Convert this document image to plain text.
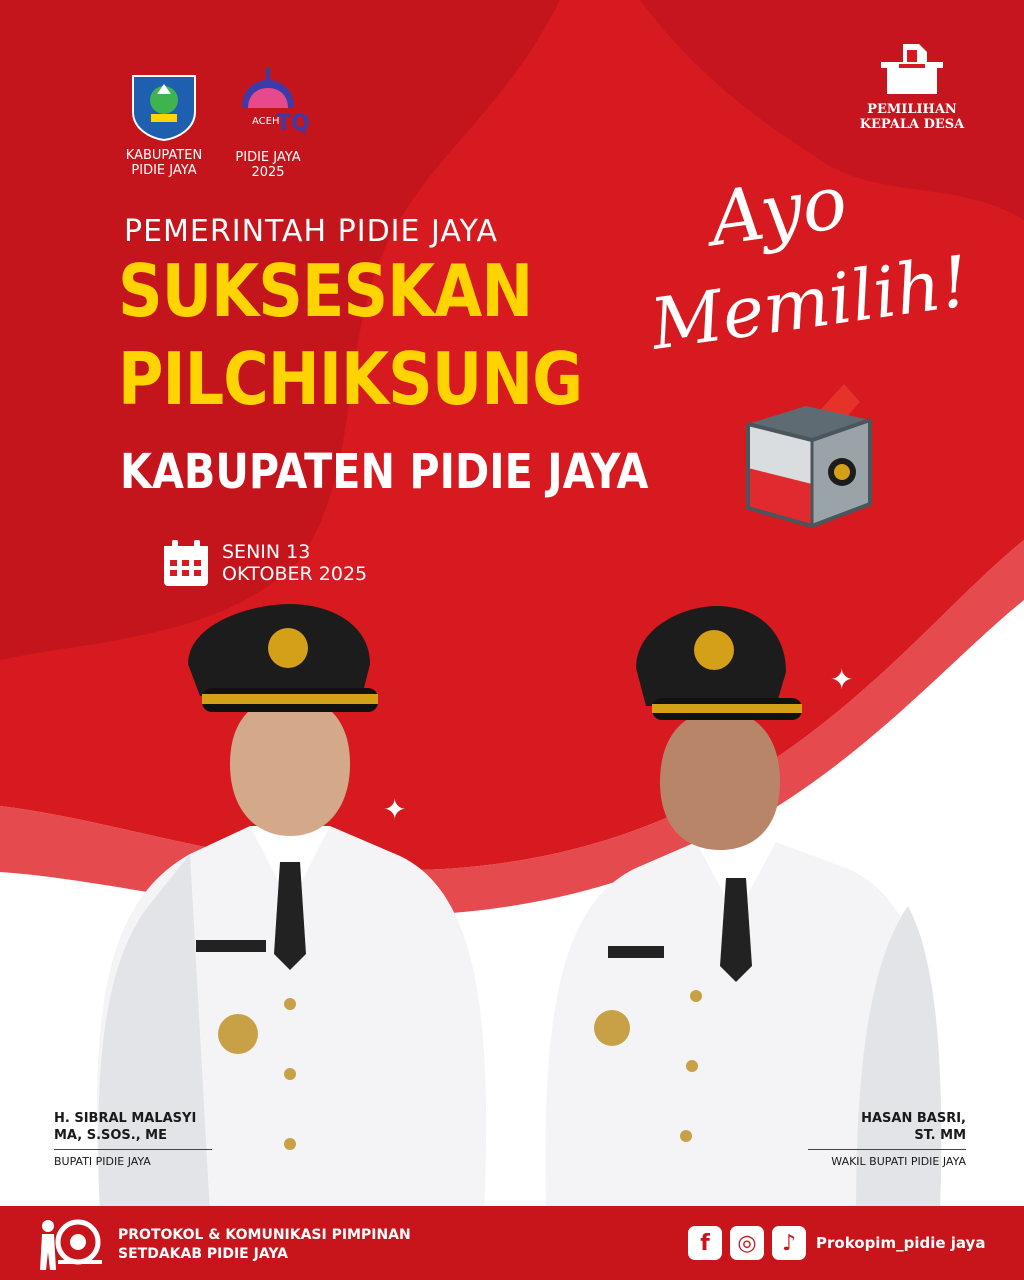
KABUPATEN
PIDIE JAYA
ACEH
TQ
PIDIE JAYA
2025
PEMILIHAN
KEPALA DESA
PEMERINTAH PIDIE JAYA
SUKSESKAN
PILCHIKSUNG
KABUPATEN PIDIE JAYA
Ayo
Memilih!
SENIN 13
OKTOBER 2025
✦
✦
H. SIBRAL MALASYI
MA, S.SOS., ME
BUPATI PIDIE JAYA
HASAN BASRI,
ST. MM
WAKIL BUPATI PIDIE JAYA
PROTOKOL & KOMUNIKASI PIMPINAN
SETDAKAB PIDIE JAYA	f	◎	♪	Prokopim_pidie jaya
